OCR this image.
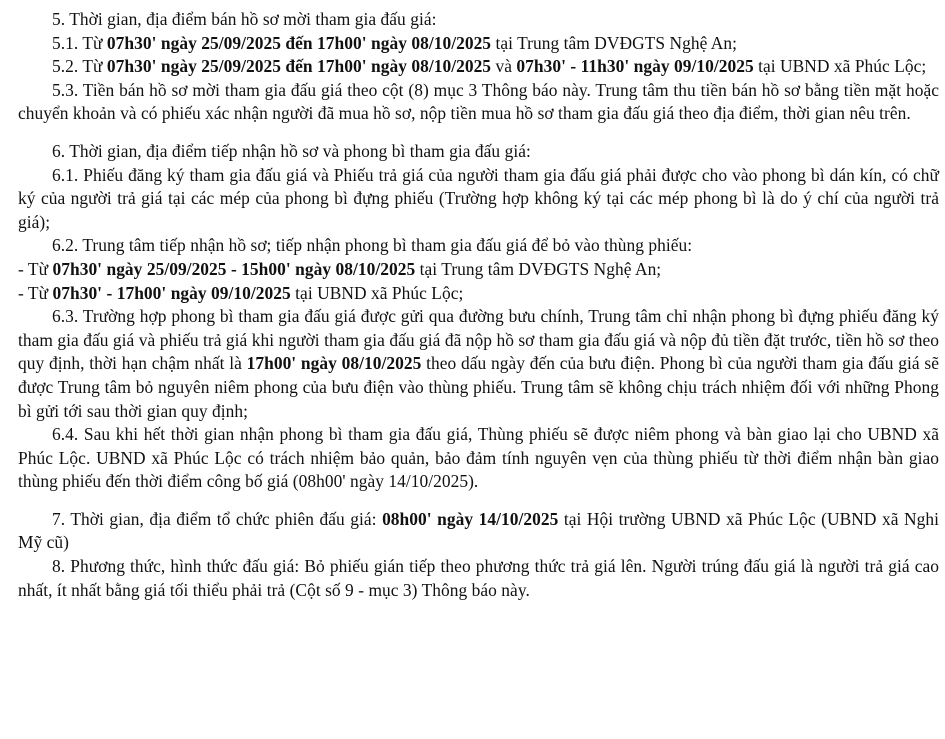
5. Thời gian, địa điểm bán hồ sơ mời tham gia đấu giá:

5.1. Từ 07h30' ngày 25/09/2025 đến 17h00' ngày 08/10/2025 tại Trung tâm DVĐGTS Nghệ An;

5.2. Từ 07h30' ngày 25/09/2025 đến 17h00' ngày 08/10/2025 và 07h30' - 11h30' ngày 09/10/2025 tại UBND xã Phúc Lộc;

5.3. Tiền bán hồ sơ mời tham gia đấu giá theo cột (8) mục 3 Thông báo này. Trung tâm thu tiền bán hồ sơ bằng tiền mặt hoặc chuyển khoản và có phiếu xác nhận người đã mua hồ sơ, nộp tiền mua hồ sơ tham gia đấu giá theo địa điểm, thời gian nêu trên.

6. Thời gian, địa điểm tiếp nhận hồ sơ và phong bì tham gia đấu giá:

6.1. Phiếu đăng ký tham gia đấu giá và Phiếu trả giá của người tham gia đấu giá phải được cho vào phong bì dán kín, có chữ ký của người trả giá tại các mép của phong bì đựng phiếu (Trường hợp không ký tại các mép phong bì là do ý chí của người trả giá);

6.2. Trung tâm tiếp nhận hồ sơ; tiếp nhận phong bì tham gia đấu giá để bỏ vào thùng phiếu:

- Từ 07h30' ngày 25/09/2025 - 15h00' ngày 08/10/2025 tại Trung tâm DVĐGTS Nghệ An;

- Từ 07h30' - 17h00' ngày 09/10/2025 tại UBND xã Phúc Lộc;

6.3. Trường hợp phong bì tham gia đấu giá được gửi qua đường bưu chính, Trung tâm chỉ nhận phong bì đựng phiếu đăng ký tham gia đấu giá và phiếu trả giá khi người tham gia đấu giá đã nộp hồ sơ tham gia đấu giá và nộp đủ tiền đặt trước, tiền hồ sơ theo quy định, thời hạn chậm nhất là 17h00' ngày 08/10/2025 theo dấu ngày đến của bưu điện. Phong bì của người tham gia đấu giá sẽ được Trung tâm bỏ nguyên niêm phong của bưu điện vào thùng phiếu. Trung tâm sẽ không chịu trách nhiệm đối với những Phong bì gửi tới sau thời gian quy định;

6.4. Sau khi hết thời gian nhận phong bì tham gia đấu giá, Thùng phiếu sẽ được niêm phong và bàn giao lại cho UBND xã Phúc Lộc. UBND xã Phúc Lộc có trách nhiệm bảo quản, bảo đảm tính nguyên vẹn của thùng phiếu từ thời điểm nhận bàn giao thùng phiếu đến thời điểm công bố giá (08h00' ngày 14/10/2025).

7. Thời gian, địa điểm tổ chức phiên đấu giá: 08h00' ngày 14/10/2025 tại Hội trường UBND xã Phúc Lộc (UBND xã Nghi Mỹ cũ)

8. Phương thức, hình thức đấu giá: Bỏ phiếu gián tiếp theo phương thức trả giá lên. Người trúng đấu giá là người trả giá cao nhất, ít nhất bằng giá tối thiểu phải trả (Cột số 9 - mục 3) Thông báo này.
